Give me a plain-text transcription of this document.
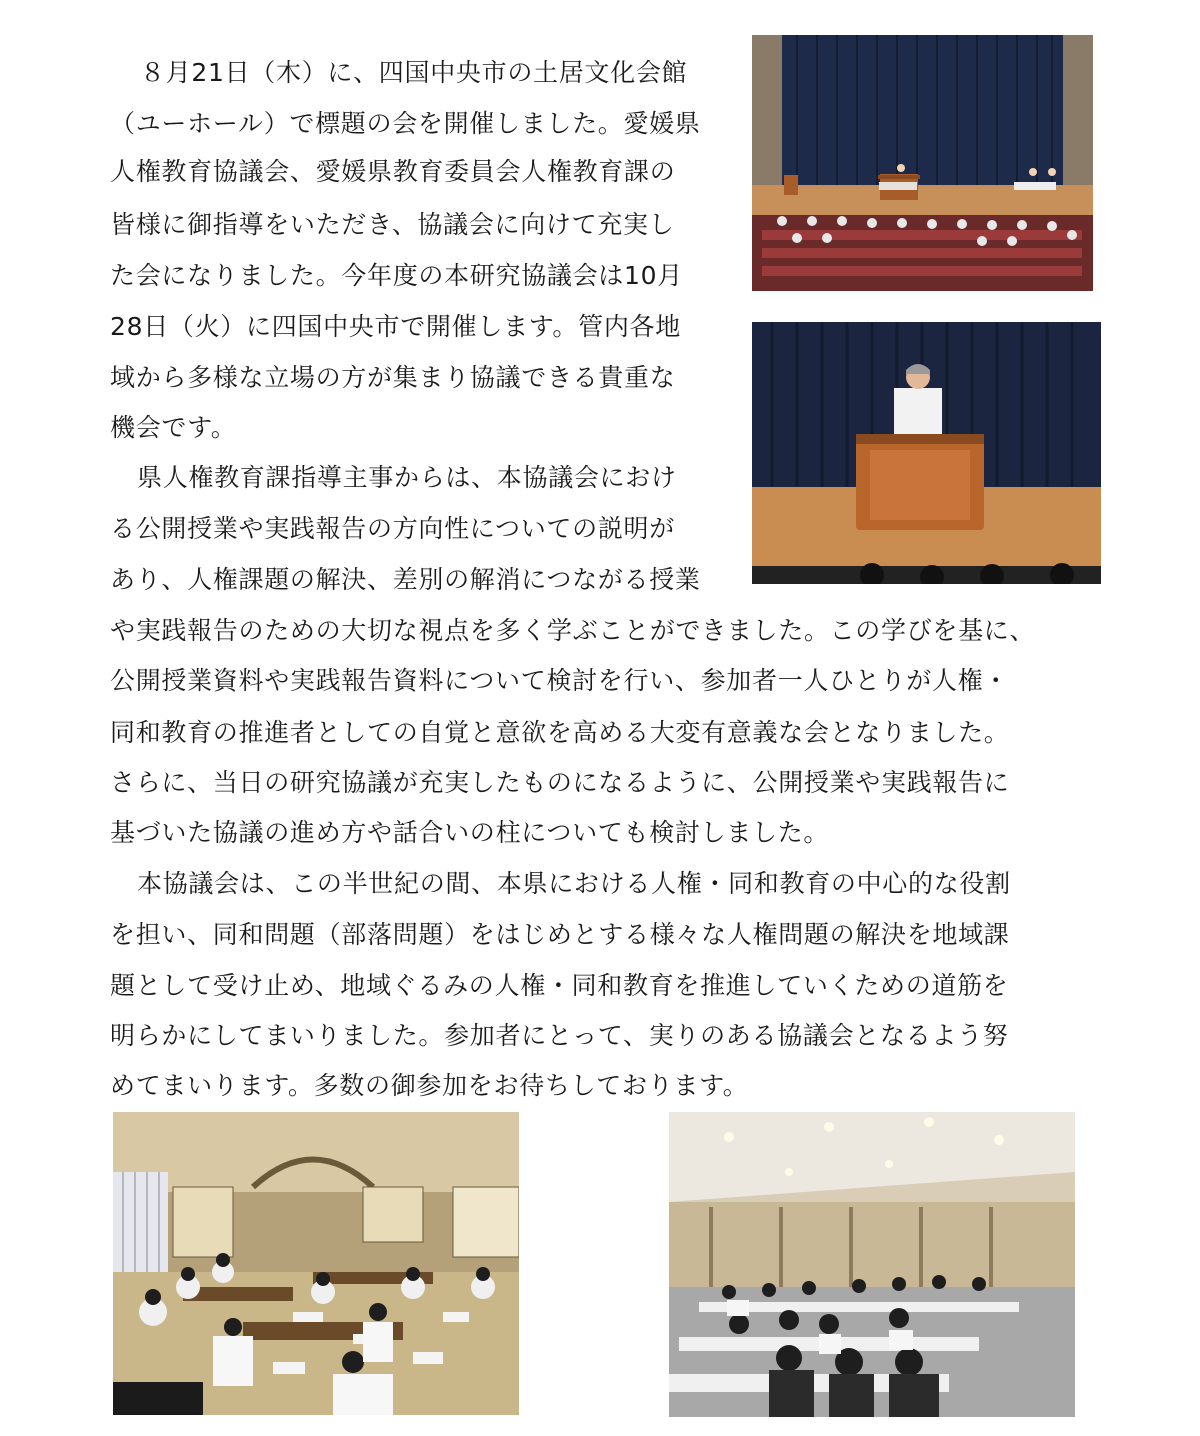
８月21日（木）に、四国中央市の土居文化会館
（ユーホール）で標題の会を開催しました。愛媛県
人権教育協議会、愛媛県教育委員会人権教育課の
皆様に御指導をいただき、協議会に向けて充実し
た会になりました。今年度の本研究協議会は10月
28日（火）に四国中央市で開催します。管内各地
域から多様な立場の方が集まり協議できる貴重な
機会です。
県人権教育課指導主事からは、本協議会におけ
る公開授業や実践報告の方向性についての説明が
あり、人権課題の解決、差別の解消につながる授業
や実践報告のための大切な視点を多く学ぶことができました。この学びを基に、
公開授業資料や実践報告資料について検討を行い、参加者一人ひとりが人権・
同和教育の推進者としての自覚と意欲を高める大変有意義な会となりました。
さらに、当日の研究協議が充実したものになるように、公開授業や実践報告に
基づいた協議の進め方や話合いの柱についても検討しました。
本協議会は、この半世紀の間、本県における人権・同和教育の中心的な役割
を担い、同和問題（部落問題）をはじめとする様々な人権問題の解決を地域課
題として受け止め、地域ぐるみの人権・同和教育を推進していくための道筋を
明らかにしてまいりました。参加者にとって、実りのある協議会となるよう努
めてまいります。多数の御参加をお待ちしております。
